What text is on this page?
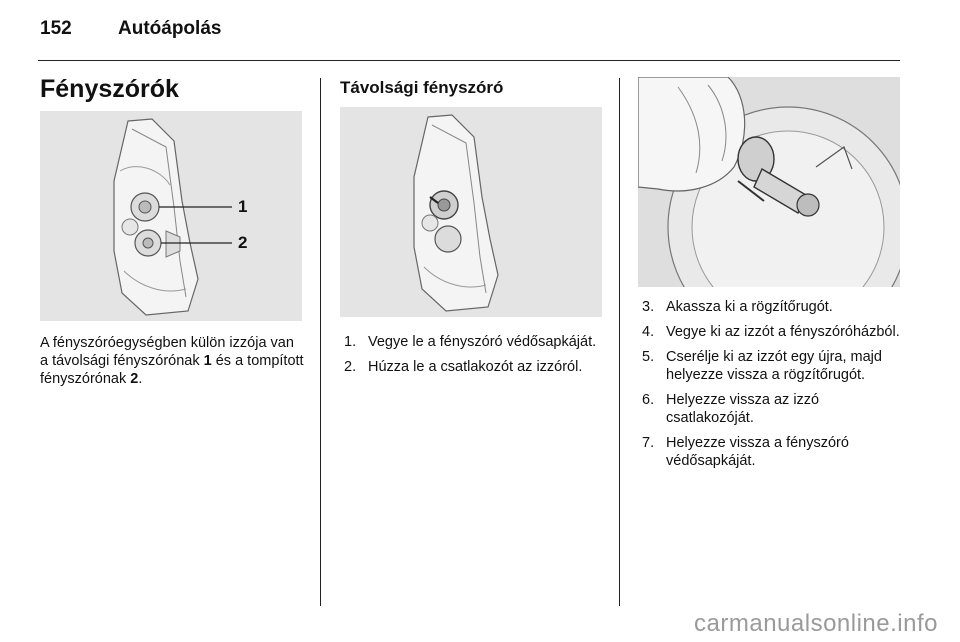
152 Autóápolás
Fényszórók
1
2
A fényszóróegységben külön izzója van a távolsági fényszórónak 1 és a tompított fényszórónak 2.
Távolsági fényszóró
1. Vegye le a fényszóró védősapkáját.
2. Húzza le a csatlakozót az izzóról.
3. Akassza ki a rögzítőrugót.
4. Vegye ki az izzót a fényszóróházból.
5. Cserélje ki az izzót egy újra, majd helyezze vissza a rögzítőrugót.
6. Helyezze vissza az izzó csatlakozóját.
7. Helyezze vissza a fényszóró védősapkáját.
carmanualsonline.info
